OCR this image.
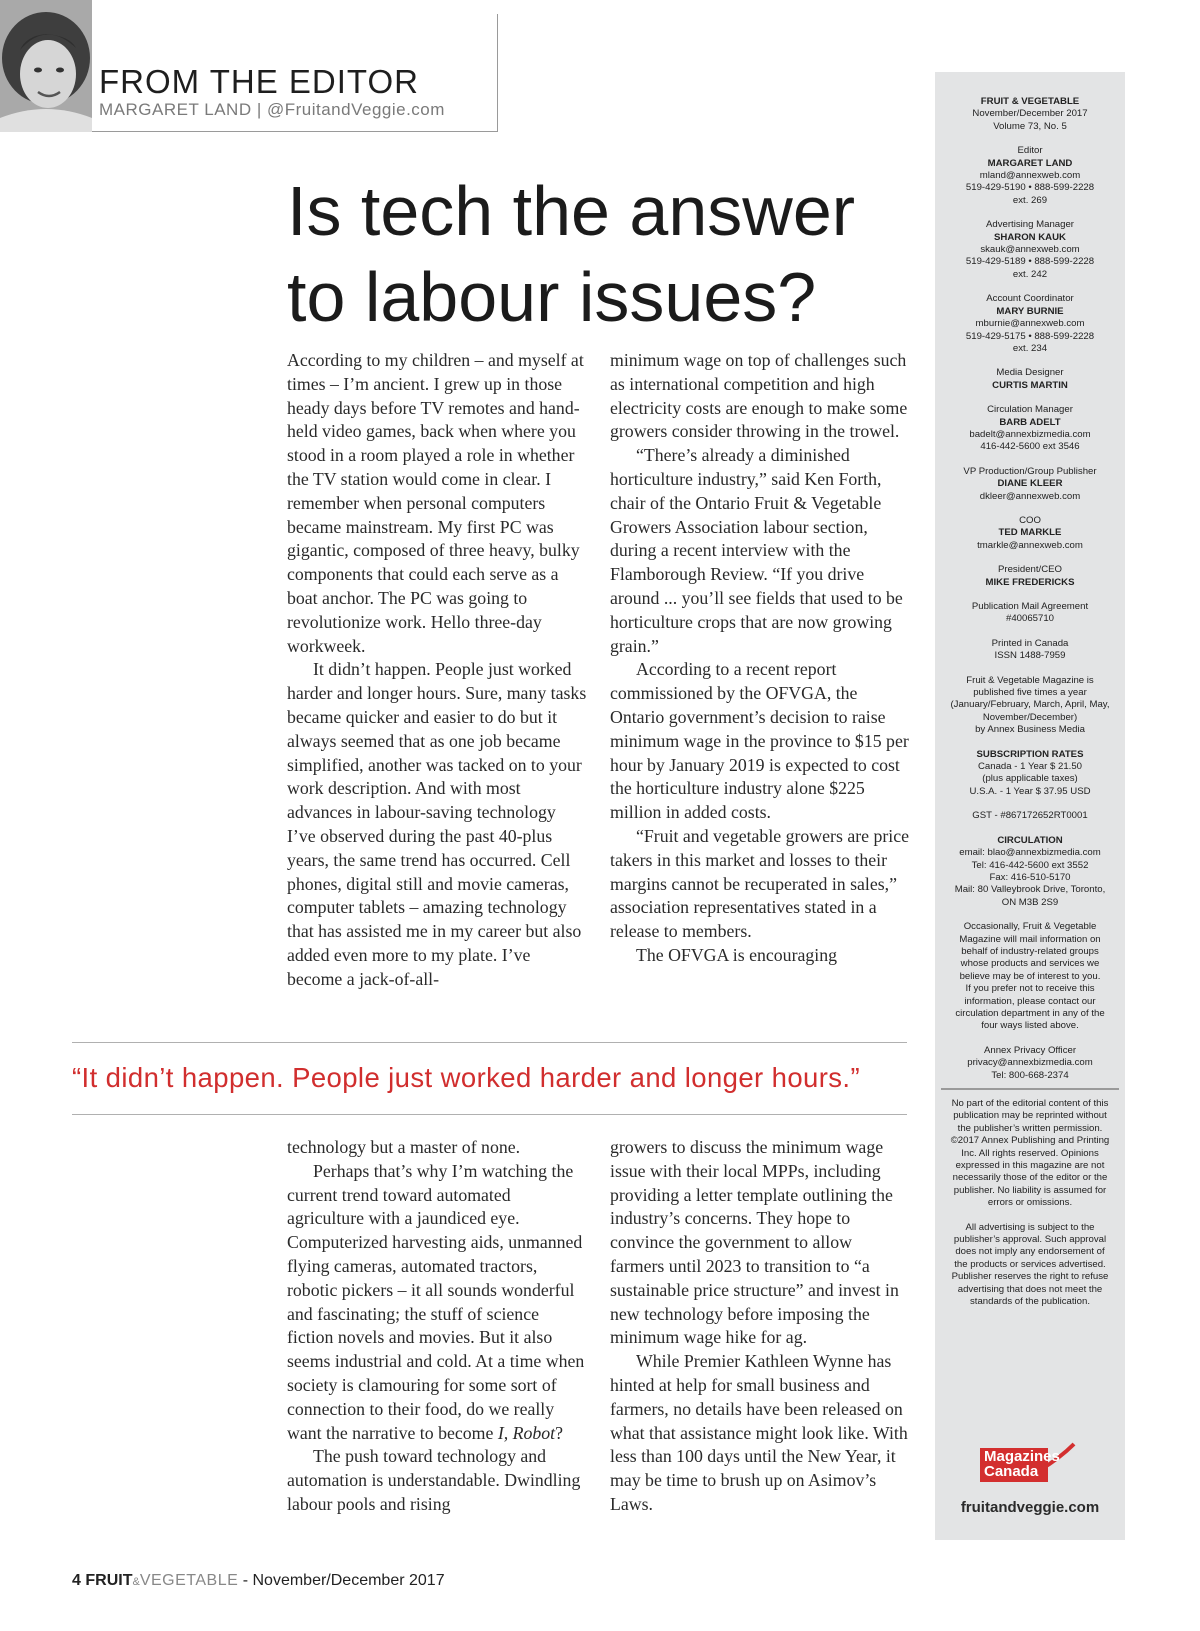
FROM THE EDITOR
MARGARET LAND | @FruitandVeggie.com
Is tech the answer
to labour issues?

According to my children – and myself at times – I’m ancient. I grew up in those heady days before TV remotes and hand-held video games, back when where you stood in a room played a role in whether the TV station would come in clear. I remember when personal computers became mainstream. My first PC was gigantic, composed of three heavy, bulky components that could each serve as a boat anchor. The PC was going to revolutionize work. Hello three-day workweek.

It didn’t happen. People just worked harder and longer hours. Sure, many tasks became quicker and easier to do but it always seemed that as one job became simplified, another was tacked on to your work description. And with most advances in labour-saving technology I’ve observed during the past 40-plus years, the same trend has occurred. Cell phones, digital still and movie cameras, computer tablets – amazing technology that has assisted me in my career but also added even more to my plate. I’ve become a jack-of-all-

minimum wage on top of challenges such as international competition and high electricity costs are enough to make some growers consider throwing in the trowel.

“There’s already a diminished horticulture industry,” said Ken Forth, chair of the Ontario Fruit & Vegetable Growers Association labour section, during a recent interview with the Flamborough Review. “If you drive around ... you’ll see fields that used to be horticulture crops that are now growing grain.”

According to a recent report commissioned by the OFVGA, the Ontario government’s decision to raise minimum wage in the province to $15 per hour by January 2019 is expected to cost the horticulture industry alone $225 million in added costs.

“Fruit and vegetable growers are price takers in this market and losses to their margins cannot be recuperated in sales,” association representatives stated in a release to members.

The OFVGA is encouraging

“It didn’t happen. People just worked harder and longer hours.”

technology but a master of none.

Perhaps that’s why I’m watching the current trend toward automated agriculture with a jaundiced eye. Computerized harvesting aids, unmanned flying cameras, automated tractors, robotic pickers – it all sounds wonderful and fascinating; the stuff of science fiction novels and movies. But it also seems industrial and cold. At a time when society is clamouring for some sort of connection to their food, do we really want the narrative to become I, Robot?

The push toward technology and automation is understandable. Dwindling labour pools and rising

growers to discuss the minimum wage issue with their local MPPs, including providing a letter template outlining the industry’s concerns. They hope to convince the government to allow farmers until 2023 to transition to “a sustainable price structure” and invest in new technology before imposing the minimum wage hike for ag.

While Premier Kathleen Wynne has hinted at help for small business and farmers, no details have been released on what that assistance might look like. With less than 100 days until the New Year, it may be time to brush up on Asimov’s Laws.

FRUIT & VEGETABLE
November/December 2017
Volume 73, No. 5
Editor
MARGARET LAND
mland@annexweb.com
519-429-5190 • 888-599-2228
ext. 269
Advertising Manager
SHARON KAUK
skauk@annexweb.com
519-429-5189 • 888-599-2228
ext. 242
Account Coordinator
MARY BURNIE
mburnie@annexweb.com
519-429-5175 • 888-599-2228
ext. 234
Media Designer
CURTIS MARTIN
Circulation Manager
BARB ADELT
badelt@annexbizmedia.com
416-442-5600 ext 3546
VP Production/Group Publisher
DIANE KLEER
dkleer@annexweb.com
COO
TED MARKLE
tmarkle@annexweb.com
President/CEO
MIKE FREDERICKS
Publication Mail Agreement
#40065710
Printed in Canada
ISSN 1488-7959
Fruit & Vegetable Magazine is
published five times a year
(January/February, March, April, May,
November/December)
by Annex Business Media
SUBSCRIPTION RATES
Canada - 1 Year $ 21.50
(plus applicable taxes)
U.S.A. - 1 Year $ 37.95 USD
GST - #867172652RT0001
CIRCULATION
email: blao@annexbizmedia.com
Tel: 416-442-5600 ext 3552
Fax: 416-510-5170
Mail: 80 Valleybrook Drive, Toronto,
ON M3B 2S9
Occasionally, Fruit & Vegetable
Magazine will mail information on
behalf of industry-related groups
whose products and services we
believe may be of interest to you.
If you prefer not to receive this
information, please contact our
circulation department in any of the
four ways listed above.
Annex Privacy Officer
privacy@annexbizmedia.com
Tel: 800-668-2374
No part of the editorial content of this
publication may be reprinted without
the publisher’s written permission.
©2017 Annex Publishing and Printing
Inc. All rights reserved. Opinions
expressed in this magazine are not
necessarily those of the editor or the
publisher. No liability is assumed for
errors or omissions.
All advertising is subject to the
publisher’s approval. Such approval
does not imply any endorsement of
the products or services advertised.
Publisher reserves the right to refuse
advertising that does not meet the
standards of the publication.
Magazines
Canada
fruitandveggie.com
4 FRUIT&VEGETABLE - November/December 2017
